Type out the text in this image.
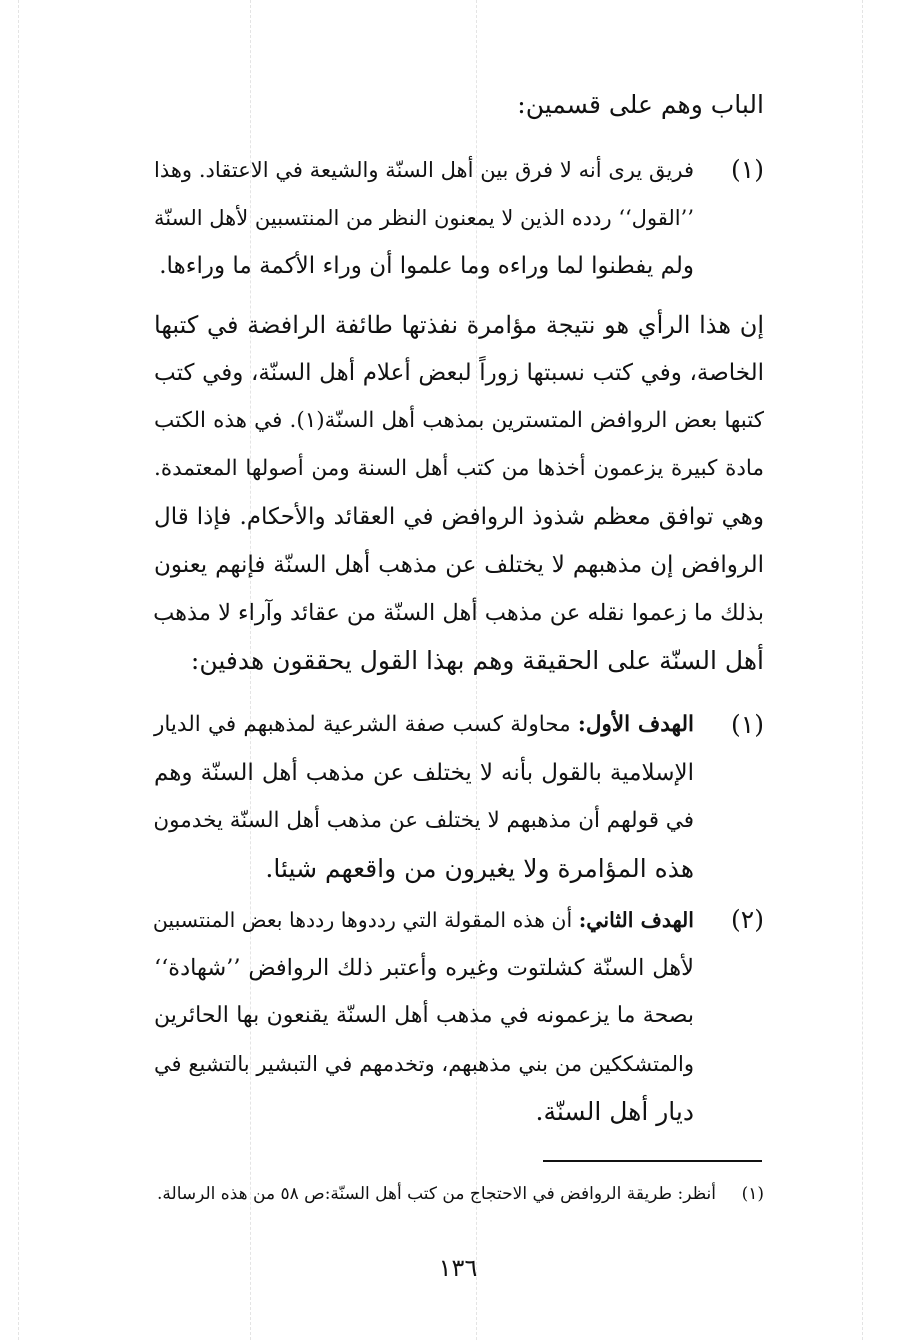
الباب وهم على قسمين:
(١)
فريق يرى أنه لا فرق بين أهل السنّة والشيعة في الاعتقاد. وهذا
’’القول‘‘ ردده الذين لا يمعنون النظر من المنتسبين لأهل السنّة
ولم يفطنوا لما وراءه وما علموا أن وراء الأكمة ما وراءها.
إن هذا الرأي هو نتيجة مؤامرة نفذتها طائفة الرافضة في كتبها
الخاصة، وفي كتب نسبتها زوراً لبعض أعلام أهل السنّة، وفي كتب
كتبها بعض الروافض المتسترين بمذهب أهل السنّة(١). في هذه الكتب
مادة كبيرة يزعمون أخذها من كتب أهل السنة ومن أصولها المعتمدة.
وهي توافق معظم شذوذ الروافض في العقائد والأحكام. فإذا قال
الروافض إن مذهبهم لا يختلف عن مذهب أهل السنّة فإنهم يعنون
بذلك ما زعموا نقله عن مذهب أهل السنّة من عقائد وآراء لا مذهب
أهل السنّة على الحقيقة وهم بهذا القول يحققون هدفين:
(١)
الهدف الأول: محاولة كسب صفة الشرعية لمذهبهم في الديار
الإسلامية بالقول بأنه لا يختلف عن مذهب أهل السنّة وهم
في قولهم أن مذهبهم لا يختلف عن مذهب أهل السنّة يخدمون
هذه المؤامرة ولا يغيرون من واقعهم شيئا.
(٢)
الهدف الثاني: أن هذه المقولة التي رددوها رددها بعض المنتسبين
لأهل السنّة كشلتوت وغيره وأعتبر ذلك الروافض ’’شهادة‘‘
بصحة ما يزعمونه في مذهب أهل السنّة يقنعون بها الحائرين
والمتشككين من بني مذهبهم، وتخدمهم في التبشير بالتشيع في
ديار أهل السنّة.
(١)أنظر: طريقة الروافض في الاحتجاج من كتب أهل السنّة:ص ٥٨ من هذه الرسالة.
١٣٦
